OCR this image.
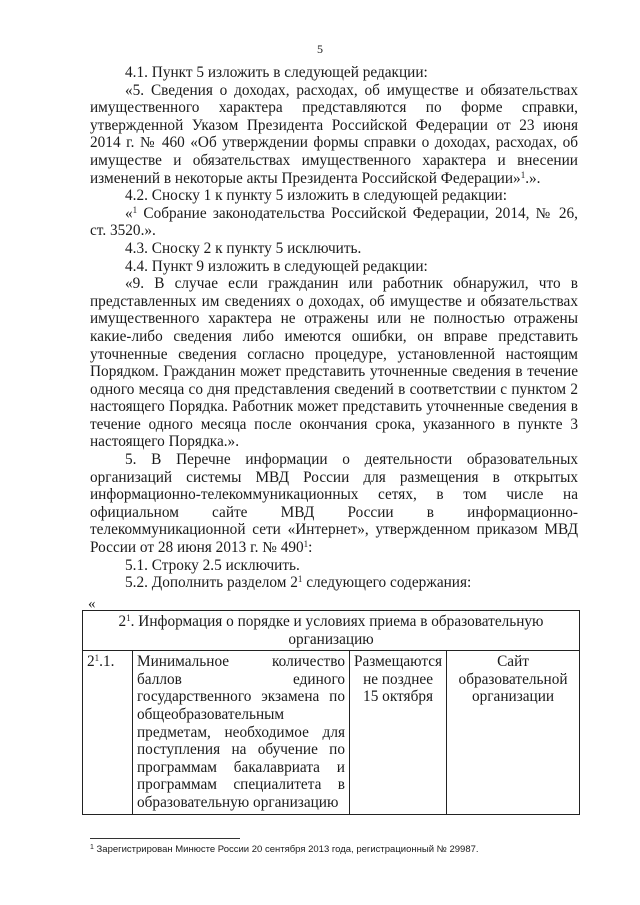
5

4.1. Пункт 5 изложить в следующей редакции:

«5. Сведения о доходах, расходах, об имуществе и обязательствах имущественного характера представляются по форме справки, утвержденной Указом Президента Российской Федерации от 23 июня 2014 г. № 460 «Об утверждении формы справки о доходах, расходах, об имуществе и обязательствах имущественного характера и внесении изменений в некоторые акты Президента Российской Федерации»$^1$.».

4.2. Сноску 1 к пункту 5 изложить в следующей редакции:

«$^1$ Собрание законодательства Российской Федерации, 2014, № 26, ст. 3520.».

4.3. Сноску 2 к пункту 5 исключить.

4.4. Пункт 9 изложить в следующей редакции:

«9. В случае если гражданин или работник обнаружил, что в представленных им сведениях о доходах, об имуществе и обязательствах имущественного характера не отражены или не полностью отражены какие-либо сведения либо имеются ошибки, он вправе представить уточненные сведения согласно процедуре, установленной настоящим Порядком. Гражданин может представить уточненные сведения в течение одного месяца со дня представления сведений в соответствии с пунктом 2 настоящего Порядка. Работник может представить уточненные сведения в течение одного месяца после окончания срока, указанного в пункте 3 настоящего Порядка.».

5. В Перечне информации о деятельности образовательных организаций системы МВД России для размещения в открытых информационно-телекоммуникационных сетях, в том числе на официальном сайте МВД России в информационно-телекоммуникационной сети «Интернет», утвержденном приказом МВД России от 28 июня 2013 г. № $490^1$:

5.1. Строку 2.5 исключить.

5.2. Дополнить разделом $2^1$ следующего содержания:

«
$2^1$. Информация о порядке и условиях приема в образовательную организацию
$2^1.1$.	Минимальное количество баллов единого государственного экзамена по общеобразовательным предметам, необходимое для поступления на обучение по программам бакалавриата и программам специалитета в образовательную организацию	Размещаются не позднее 15 октября	Сайт образовательной организации
$^1$ Зарегистрирован Минюсте России 20 сентября 2013 года, регистрационный № 29987.
